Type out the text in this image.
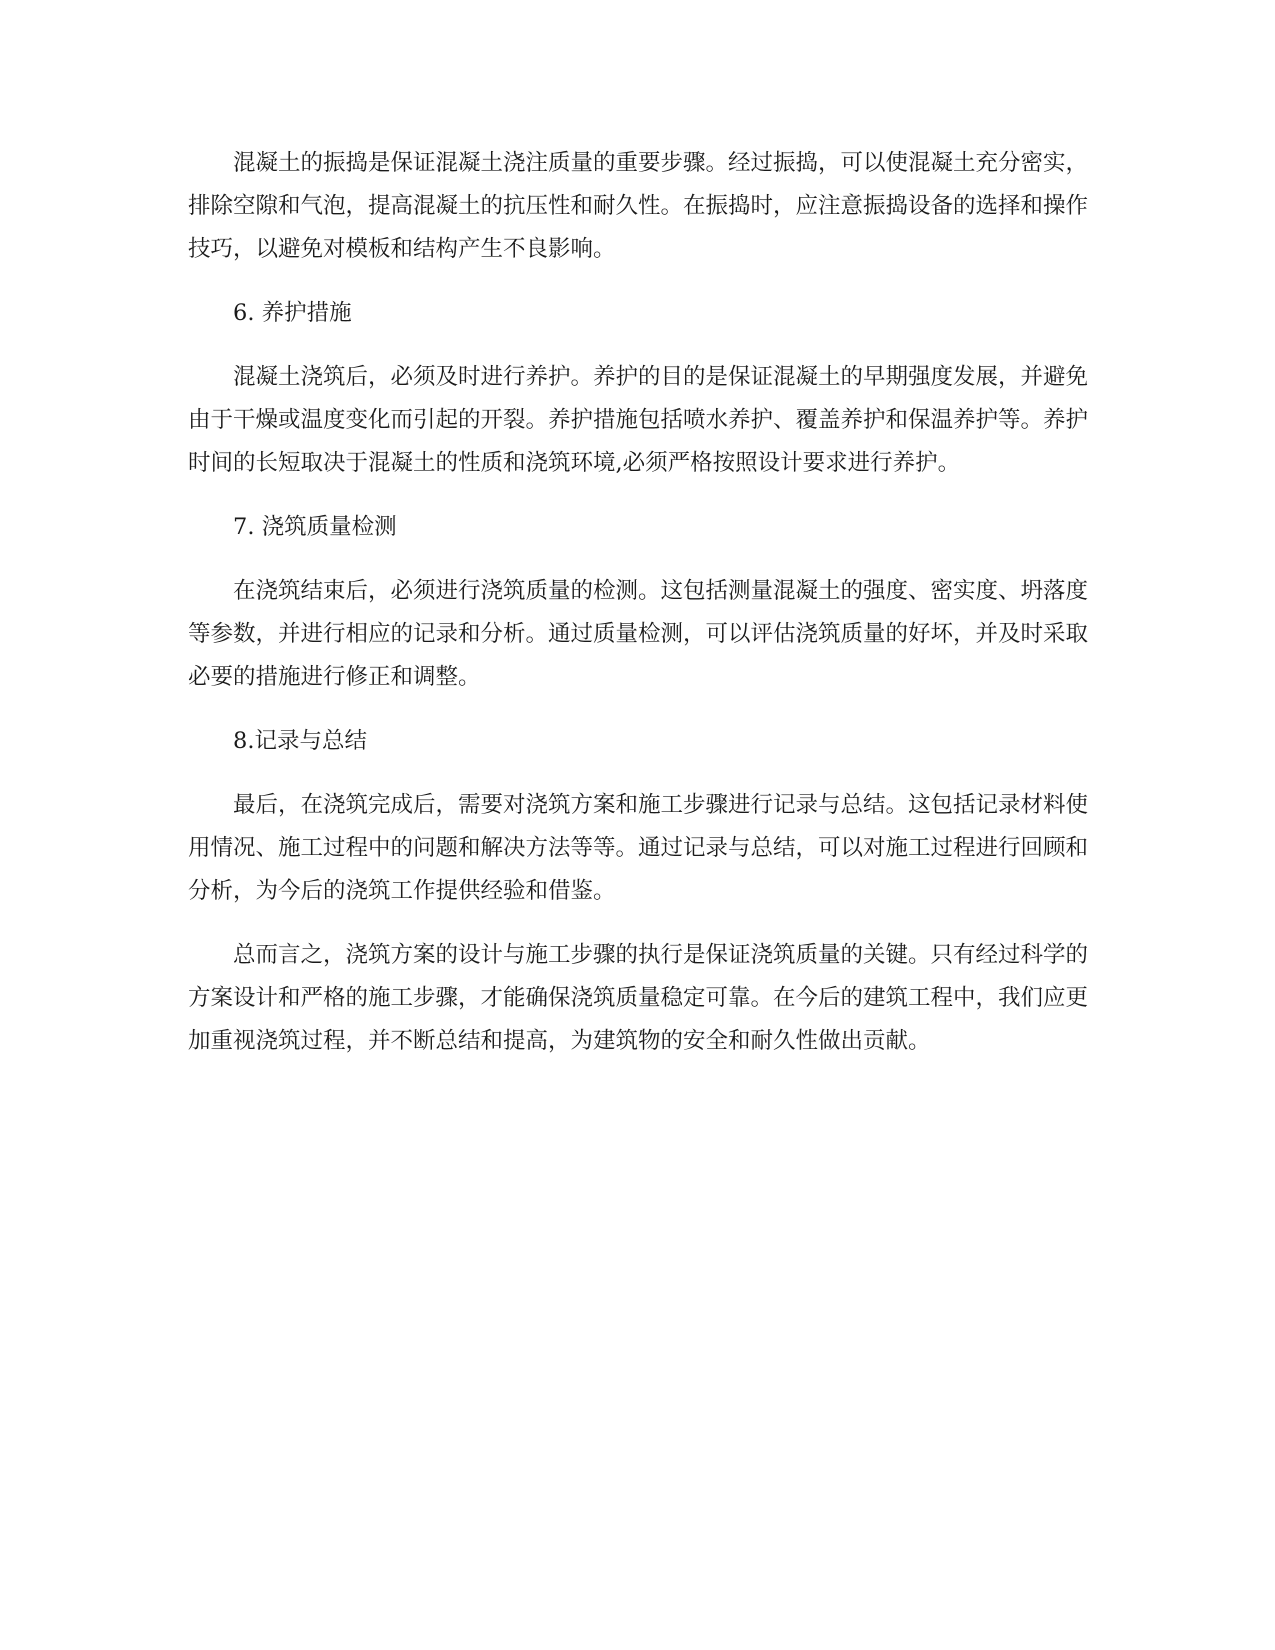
混凝土的振捣是保证混凝土浇注质量的重要步骤。经过振捣，可以使混凝土充分密实，排除空隙和气泡，提高混凝土的抗压性和耐久性。在振捣时，应注意振捣设备的选择和操作技巧，以避免对模板和结构产生不良影响。

6. 养护措施

混凝土浇筑后，必须及时进行养护。养护的目的是保证混凝土的早期强度发展，并避免由于干燥或温度变化而引起的开裂。养护措施包括喷水养护、覆盖养护和保温养护等。养护时间的长短取决于混凝土的性质和浇筑环境,必须严格按照设计要求进行养护。

7. 浇筑质量检测

在浇筑结束后，必须进行浇筑质量的检测。这包括测量混凝土的强度、密实度、坍落度等参数，并进行相应的记录和分析。通过质量检测，可以评估浇筑质量的好坏，并及时采取必要的措施进行修正和调整。

8.记录与总结

最后，在浇筑完成后，需要对浇筑方案和施工步骤进行记录与总结。这包括记录材料使用情况、施工过程中的问题和解决方法等等。通过记录与总结，可以对施工过程进行回顾和分析，为今后的浇筑工作提供经验和借鉴。

总而言之，浇筑方案的设计与施工步骤的执行是保证浇筑质量的关键。只有经过科学的方案设计和严格的施工步骤，才能确保浇筑质量稳定可靠。在今后的建筑工程中，我们应更加重视浇筑过程，并不断总结和提高，为建筑物的安全和耐久性做出贡献。
